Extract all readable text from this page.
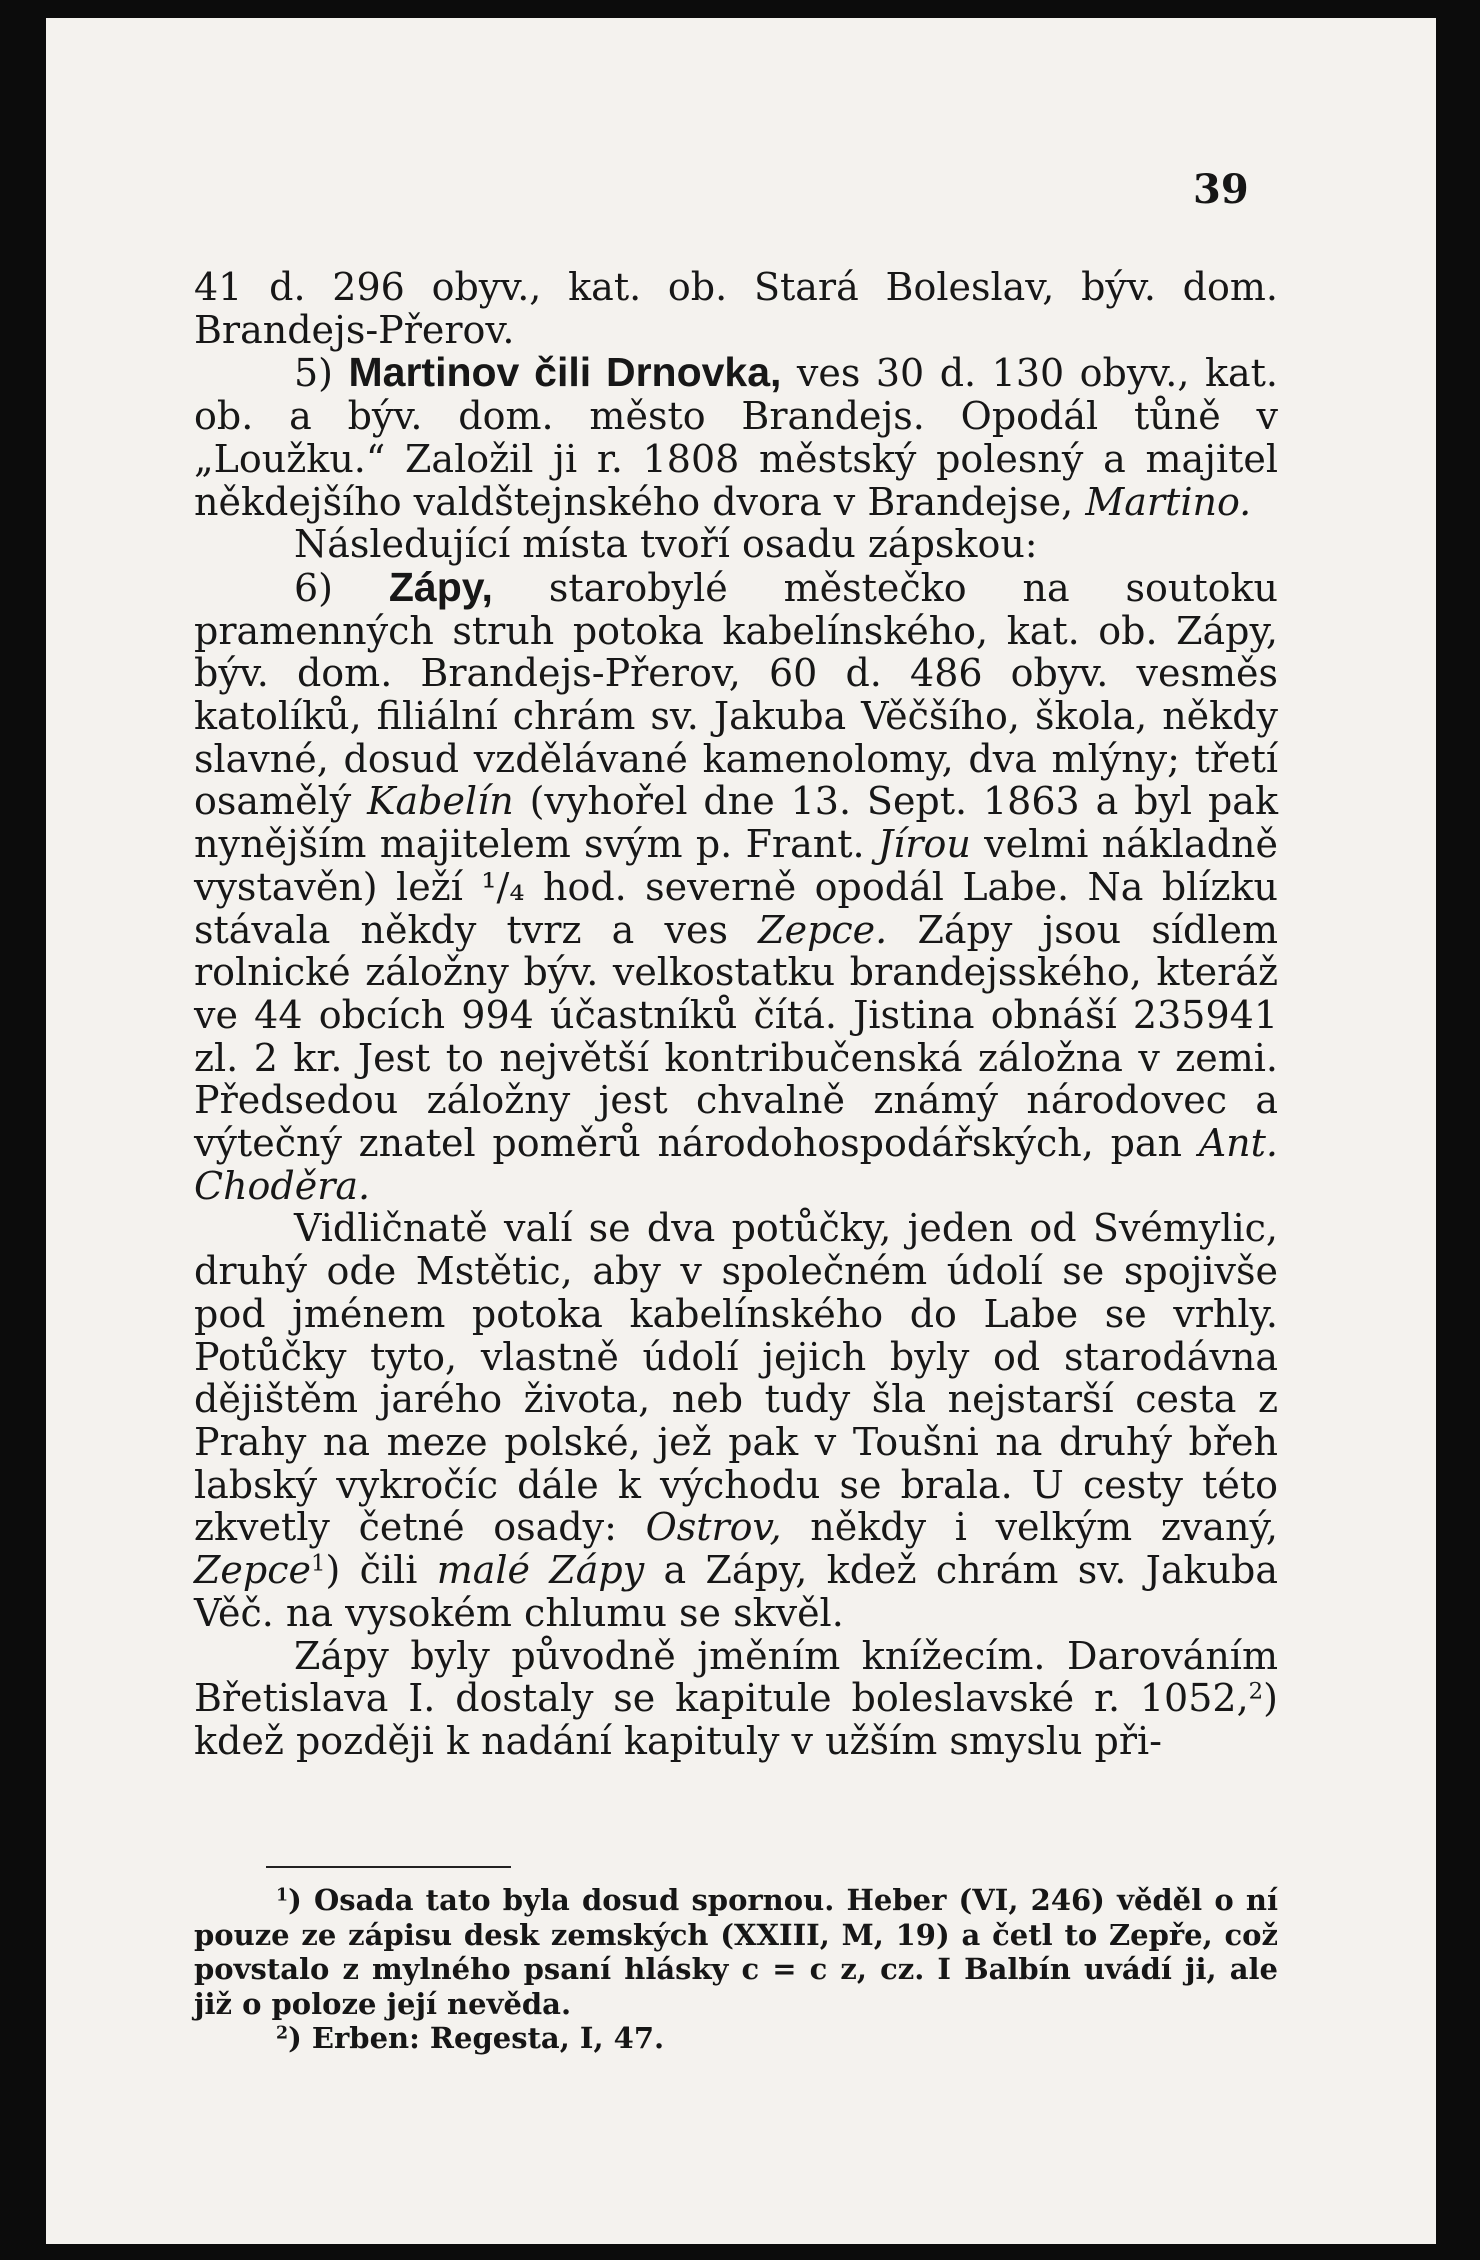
39

41 d. 296 obyv., kat. ob. Stará Boleslav, býv. dom. Brandejs-Přerov.

5) Martinov čili Drnovka, ves 30 d. 130 obyv., kat. ob. a býv. dom. město Brandejs. Opodál tůně v „Loužku.“ Založil ji r. 1808 městský polesný a majitel někdejšího valdštejnského dvora v Brandejse, Martino.

Následující místa tvoří osadu zápskou:

6) Zápy, starobylé městečko na soutoku pramenných struh potoka kabelínského, kat. ob. Zápy, býv. dom. Brandejs-Přerov, 60 d. 486 obyv. vesměs katolíků, filiální chrám sv. Jakuba Věčšího, škola, někdy slavné, dosud vzdělávané kamenolomy, dva mlýny; třetí osamělý Kabelín (vyhořel dne 13. Sept. 1863 a byl pak nynějším majitelem svým p. Frant. Jírou velmi nákladně vystavěn) leží ¹/₄ hod. severně opodál Labe. Na blízku stávala někdy tvrz a ves Zepce. Zápy jsou sídlem rolnické záložny býv. velkostatku brandejsského, kteráž ve 44 obcích 994 účastníků čítá. Jistina obnáší 235941 zl. 2 kr. Jest to největší kontribučenská záložna v zemi. Předsedou záložny jest chvalně známý národovec a výtečný znatel poměrů národohospodářských, pan Ant. Choděra.

Vidličnatě valí se dva potůčky, jeden od Svémylic, druhý ode Mstětic, aby v společném údolí se spojivše pod jménem potoka kabelínského do Labe se vrhly. Potůčky tyto, vlastně údolí jejich byly od starodávna dějištěm jarého života, neb tudy šla nejstarší cesta z Prahy na meze polské, jež pak v Toušni na druhý břeh labský vykročíc dále k východu se brala. U cesty této zkvetly četné osady: Ostrov, někdy i velkým zvaný, Zepce$^1$) čili malé Zápy a Zápy, kdež chrám sv. Jakuba Věč. na vysokém chlumu se skvěl.

Zápy byly původně jměním knížecím. Darováním Břetislava I. dostaly se kapitule boleslavské r. 1052,$^2$) kdež později k nadání kapituly v užším smyslu při-

$^1$) Osada tato byla dosud spornou. Heber (VI, 246) věděl o ní pouze ze zápisu desk zemských (XXIII, M, 19) a četl to Zepře, což povstalo z mylného psaní hlásky c = c z, cz. I Balbín uvádí ji, ale již o poloze její nevěda.

$^2$) Erben: Regesta, I, 47.
